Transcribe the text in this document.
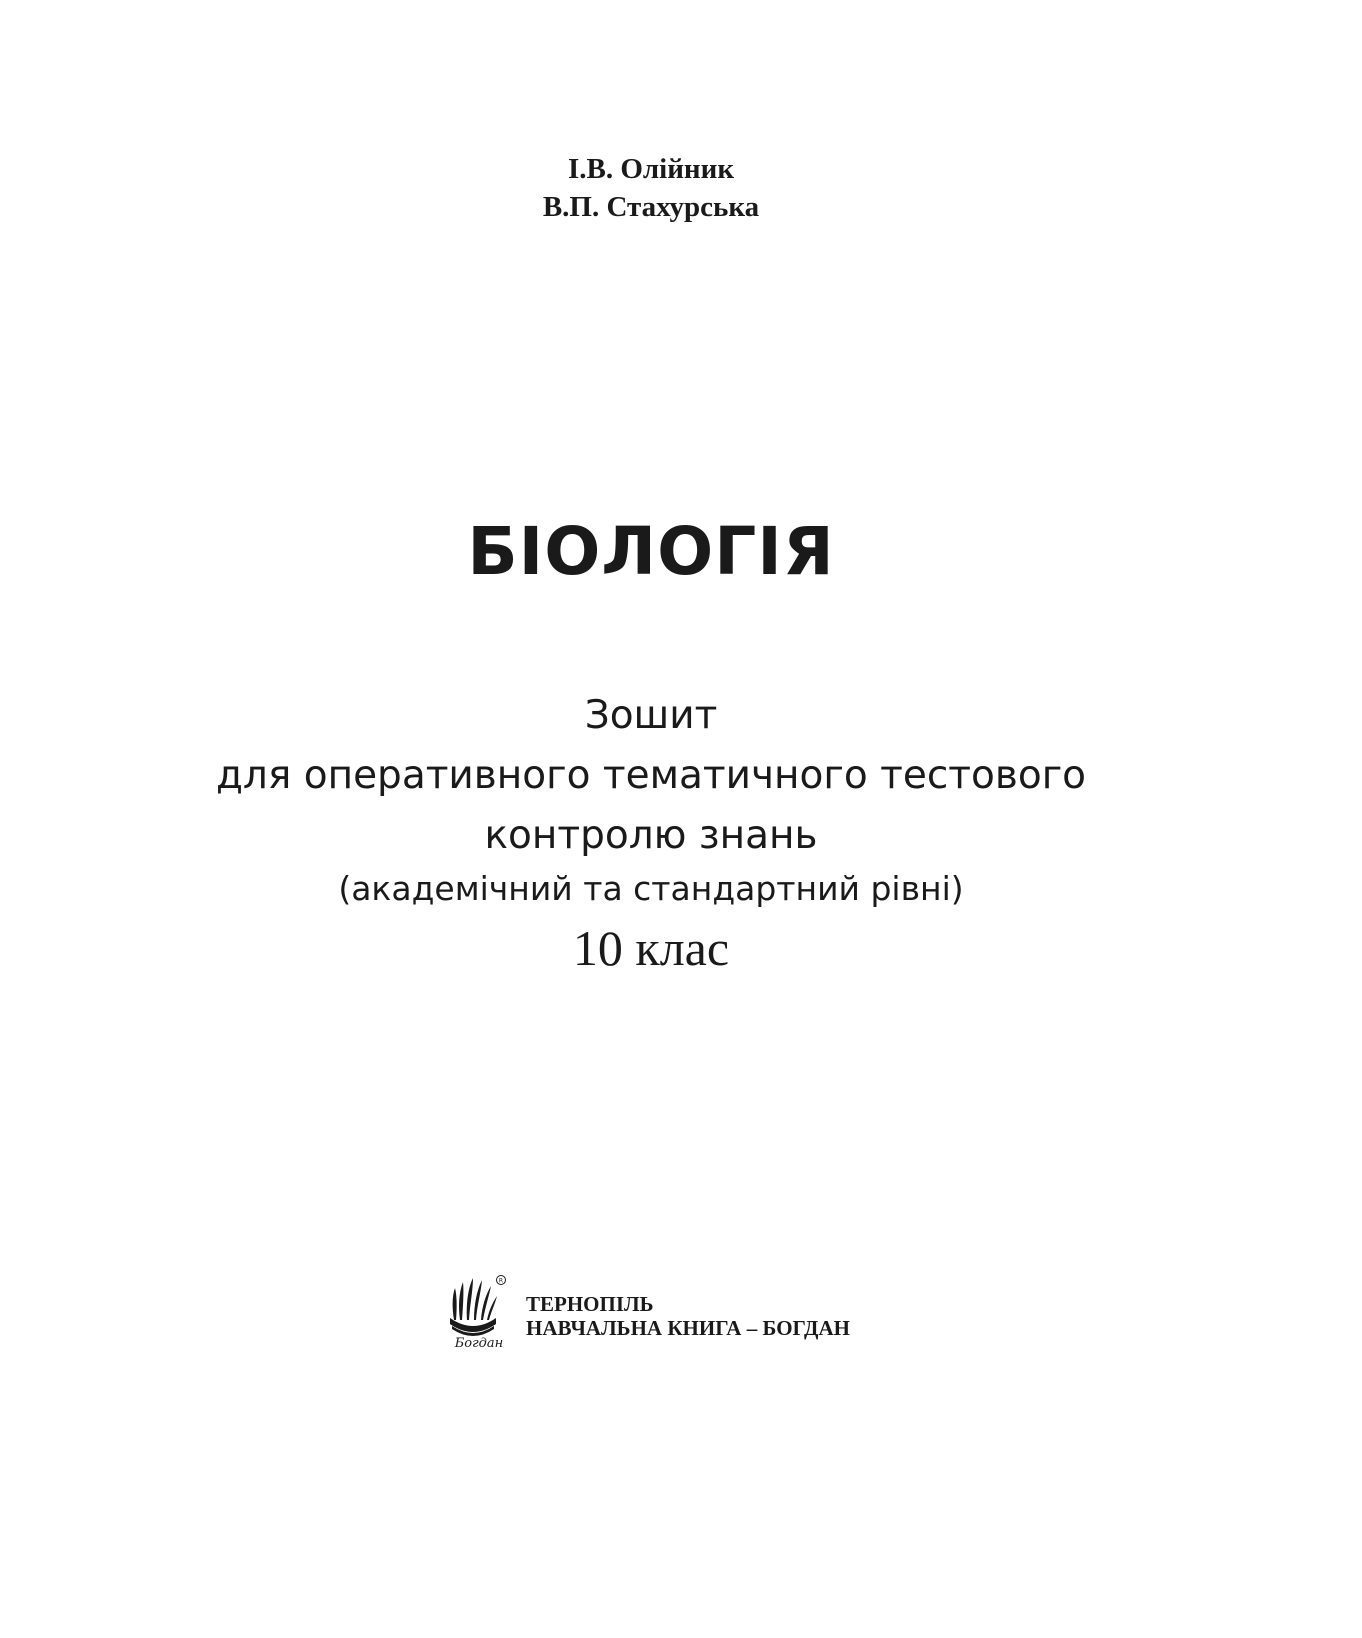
І.В. Олійник
В.П. Стахурська
БІОЛОГІЯ
Зошит
для оперативного тематичного тестового
контролю знань
(академічний та стандартний рівні)
10 клас
R
Богдан
ТЕРНОПІЛЬ
НАВЧАЛЬНА КНИГА – БОГДАН
